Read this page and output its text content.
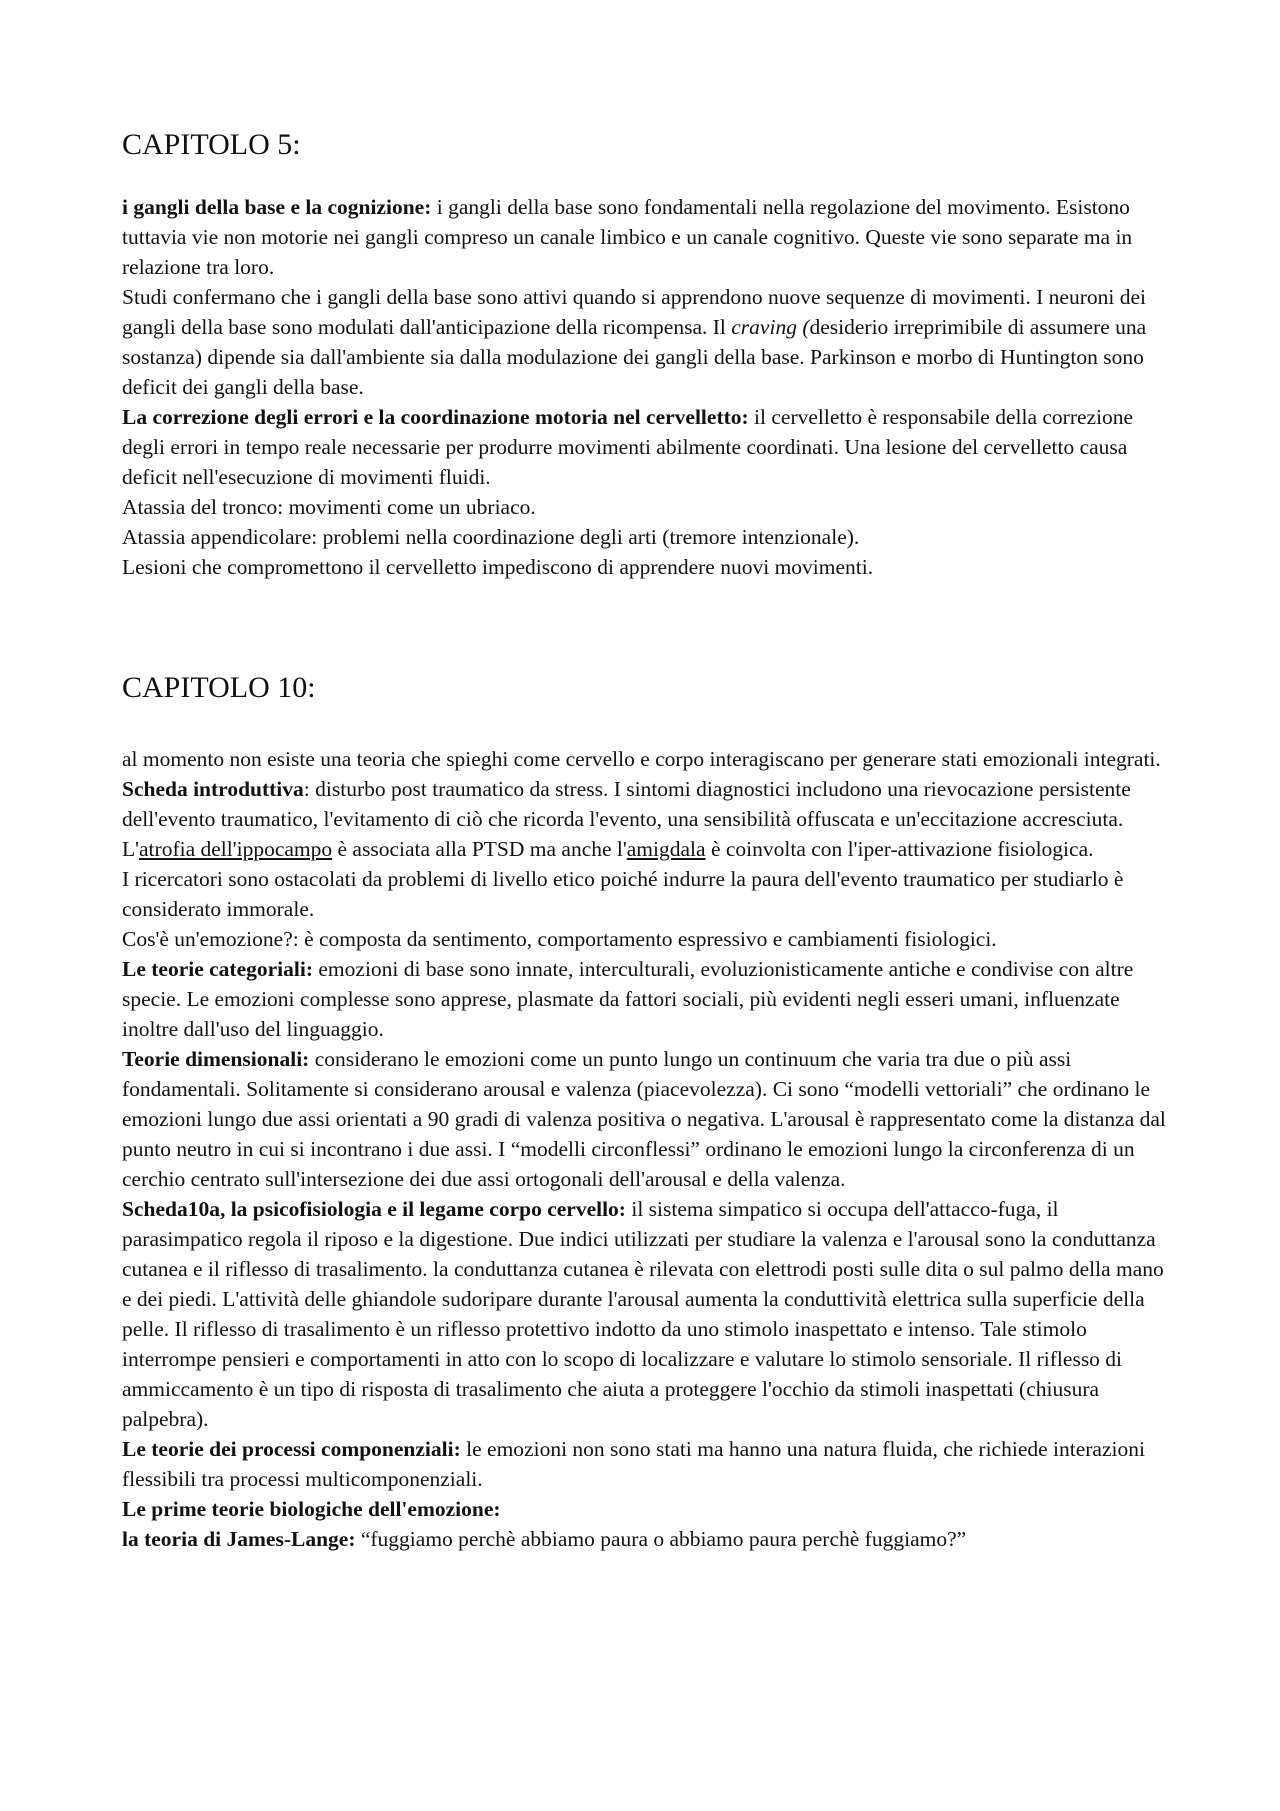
CAPITOLO 5:

i gangli della base e la cognizione: i gangli della base sono fondamentali nella regolazione del movimento. Esistono tuttavia vie non motorie nei gangli compreso un canale limbico e un canale cognitivo. Queste vie sono separate ma in relazione tra loro.

Studi confermano che i gangli della base sono attivi quando si apprendono nuove sequenze di movimenti. I neuroni dei gangli della base sono modulati dall'anticipazione della ricompensa. Il craving (desiderio irreprimibile di assumere una sostanza) dipende sia dall'ambiente sia dalla modulazione dei gangli della base. Parkinson e morbo di Huntington sono deficit dei gangli della base.

La correzione degli errori e la coordinazione motoria nel cervelletto: il cervelletto è responsabile della correzione degli errori in tempo reale necessarie per produrre movimenti abilmente coordinati. Una lesione del cervelletto causa deficit nell'esecuzione di movimenti fluidi.

Atassia del tronco: movimenti come un ubriaco.

Atassia appendicolare: problemi nella coordinazione degli arti (tremore intenzionale).

Lesioni che compromettono il cervelletto impediscono di apprendere nuovi movimenti.

CAPITOLO 10:

al momento non esiste una teoria che spieghi come cervello e corpo interagiscano per generare stati emozionali integrati.

Scheda introduttiva: disturbo post traumatico da stress. I sintomi diagnostici includono una rievocazione persistente dell'evento traumatico, l'evitamento di ciò che ricorda l'evento, una sensibilità offuscata e un'eccitazione accresciuta. L'atrofia dell'ippocampo è associata alla PTSD ma anche l'amigdala è coinvolta con l'iper-attivazione fisiologica.

I ricercatori sono ostacolati da problemi di livello etico poiché indurre la paura dell'evento traumatico per studiarlo è considerato immorale.

Cos'è un'emozione?: è composta da sentimento, comportamento espressivo e cambiamenti fisiologici.

Le teorie categoriali: emozioni di base sono innate, interculturali, evoluzionisticamente antiche e condivise con altre specie. Le emozioni complesse sono apprese, plasmate da fattori sociali, più evidenti negli esseri umani, influenzate inoltre dall'uso del linguaggio.

Teorie dimensionali: considerano le emozioni come un punto lungo un continuum che varia tra due o più assi fondamentali. Solitamente si considerano arousal e valenza (piacevolezza). Ci sono “modelli vettoriali” che ordinano le emozioni lungo due assi orientati a 90 gradi di valenza positiva o negativa. L'arousal è rappresentato come la distanza dal punto neutro in cui si incontrano i due assi. I “modelli circonflessi” ordinano le emozioni lungo la circonferenza di un cerchio centrato sull'intersezione dei due assi ortogonali dell'arousal e della valenza.

Scheda10a, la psicofisiologia e il legame corpo cervello: il sistema simpatico si occupa dell'attacco-fuga, il parasimpatico regola il riposo e la digestione. Due indici utilizzati per studiare la valenza e l'arousal sono la conduttanza cutanea e il riflesso di trasalimento. la conduttanza cutanea è rilevata con elettrodi posti sulle dita o sul palmo della mano e dei piedi. L'attività delle ghiandole sudoripare durante l'arousal aumenta la conduttività elettrica sulla superficie della pelle. Il riflesso di trasalimento è un riflesso protettivo indotto da uno stimolo inaspettato e intenso. Tale stimolo interrompe pensieri e comportamenti in atto con lo scopo di localizzare e valutare lo stimolo sensoriale. Il riflesso di ammiccamento è un tipo di risposta di trasalimento che aiuta a proteggere l'occhio da stimoli inaspettati (chiusura palpebra).

Le teorie dei processi componenziali: le emozioni non sono stati ma hanno una natura fluida, che richiede interazioni flessibili tra processi multicomponenziali.

Le prime teorie biologiche dell'emozione:

la teoria di James-Lange: “fuggiamo perchè abbiamo paura o abbiamo paura perchè fuggiamo?”
